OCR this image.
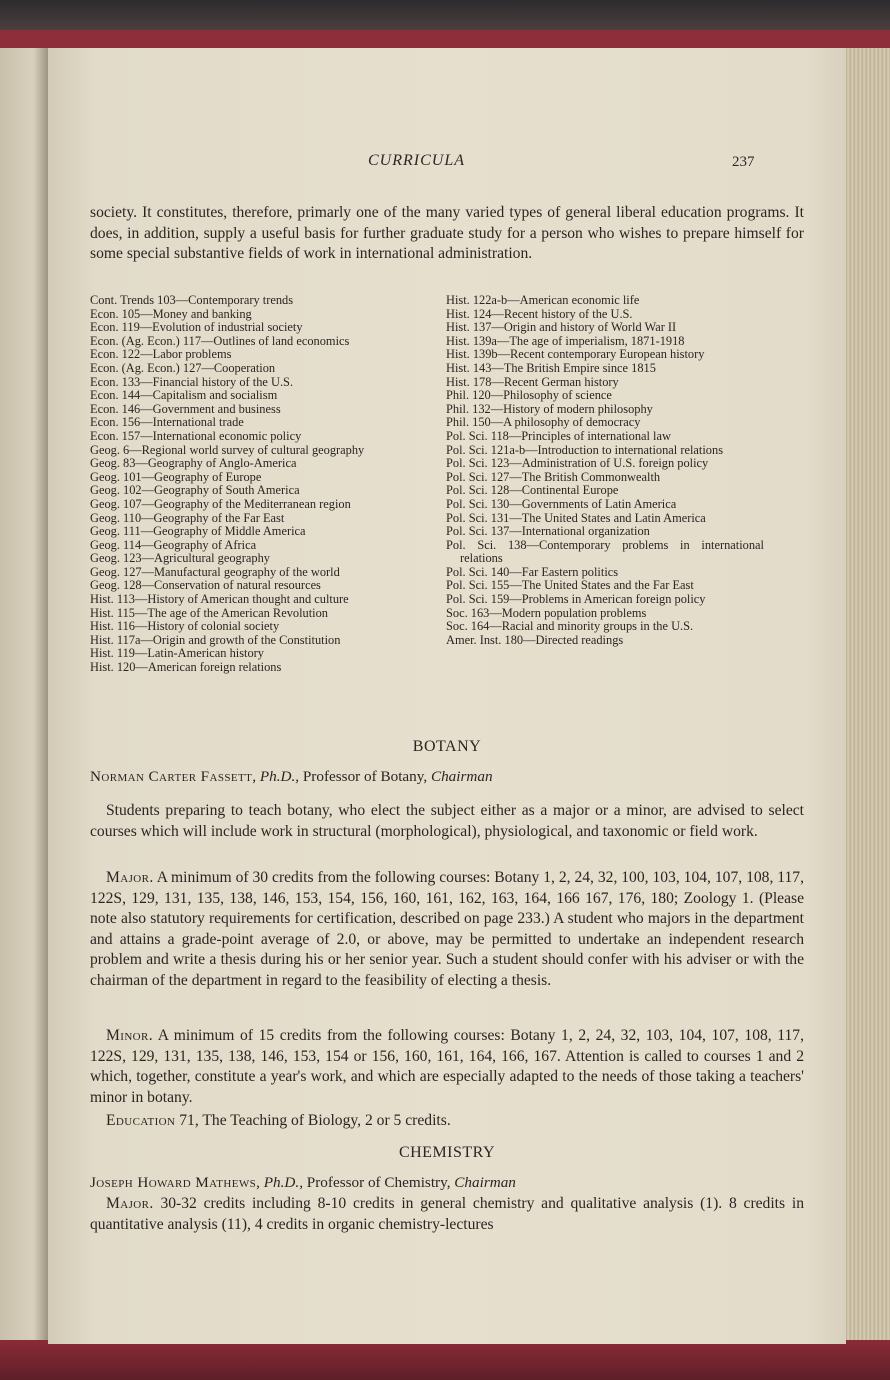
CURRICULA	237

society. It constitutes, therefore, primarly one of the many varied types of general liberal education programs. It does, in addition, supply a useful basis for further graduate study for a person who wishes to prepare himself for some special substantive fields of work in international administration.

Cont. Trends 103—Contemporary trends
Econ. 105—Money and banking
Econ. 119—Evolution of industrial society
Econ. (Ag. Econ.) 117—Outlines of land economics
Econ. 122—Labor problems
Econ. (Ag. Econ.) 127—Cooperation
Econ. 133—Financial history of the U.S.
Econ. 144—Capitalism and socialism
Econ. 146—Government and business
Econ. 156—International trade
Econ. 157—International economic policy
Geog. 6—Regional world survey of cultural geography
Geog. 83—Geography of Anglo-America
Geog. 101—Geography of Europe
Geog. 102—Geography of South America
Geog. 107—Geography of the Mediterranean region
Geog. 110—Geography of the Far East
Geog. 111—Geography of Middle America
Geog. 114—Geography of Africa
Geog. 123—Agricultural geography
Geog. 127—Manufactural geography of the world
Geog. 128—Conservation of natural resources
Hist. 113—History of American thought and culture
Hist. 115—The age of the American Revolution
Hist. 116—History of colonial society
Hist. 117a—Origin and growth of the Constitution
Hist. 119—Latin-American history
Hist. 120—American foreign relations
Hist. 122a-b—American economic life
Hist. 124—Recent history of the U.S.
Hist. 137—Origin and history of World War II
Hist. 139a—The age of imperialism, 1871-1918
Hist. 139b—Recent contemporary European history
Hist. 143—The British Empire since 1815
Hist. 178—Recent German history
Phil. 120—Philosophy of science
Phil. 132—History of modern philosophy
Phil. 150—A philosophy of democracy
Pol. Sci. 118—Principles of international law
Pol. Sci. 121a-b—Introduction to international relations
Pol. Sci. 123—Administration of U.S. foreign policy
Pol. Sci. 127—The British Commonwealth
Pol. Sci. 128—Continental Europe
Pol. Sci. 130—Governments of Latin America
Pol. Sci. 131—The United States and Latin America
Pol. Sci. 137—International organization
Pol. Sci. 138—Contemporary problems in international relations
Pol. Sci. 140—Far Eastern politics
Pol. Sci. 155—The United States and the Far East
Pol. Sci. 159—Problems in American foreign policy
Soc. 163—Modern population problems
Soc. 164—Racial and minority groups in the U.S.
Amer. Inst. 180—Directed readings
BOTANY
Norman Carter Fassett, Ph.D., Professor of Botany, Chairman

Students preparing to teach botany, who elect the subject either as a major or a minor, are advised to select courses which will include work in structural (morphological), physiological, and taxonomic or field work.

Major. A minimum of 30 credits from the following courses: Botany 1, 2, 24, 32, 100, 103, 104, 107, 108, 117, 122S, 129, 131, 135, 138, 146, 153, 154, 156, 160, 161, 162, 163, 164, 166 167, 176, 180; Zoology 1. (Please note also statutory requirements for certification, described on page 233.) A student who majors in the department and attains a grade-point average of 2.0, or above, may be permitted to undertake an independent research problem and write a thesis during his or her senior year. Such a student should confer with his adviser or with the chairman of the department in regard to the feasibility of electing a thesis.

Minor. A minimum of 15 credits from the following courses: Botany 1, 2, 24, 32, 103, 104, 107, 108, 117, 122S, 129, 131, 135, 138, 146, 153, 154 or 156, 160, 161, 164, 166, 167. Attention is called to courses 1 and 2 which, together, constitute a year's work, and which are especially adapted to the needs of those taking a teachers' minor in botany.

Education 71, The Teaching of Biology, 2 or 5 credits.

CHEMISTRY
Joseph Howard Mathews, Ph.D., Professor of Chemistry, Chairman

Major. 30-32 credits including 8-10 credits in general chemistry and qualitative analysis (1). 8 credits in quantitative analysis (11), 4 credits in organic chemistry-lectures
